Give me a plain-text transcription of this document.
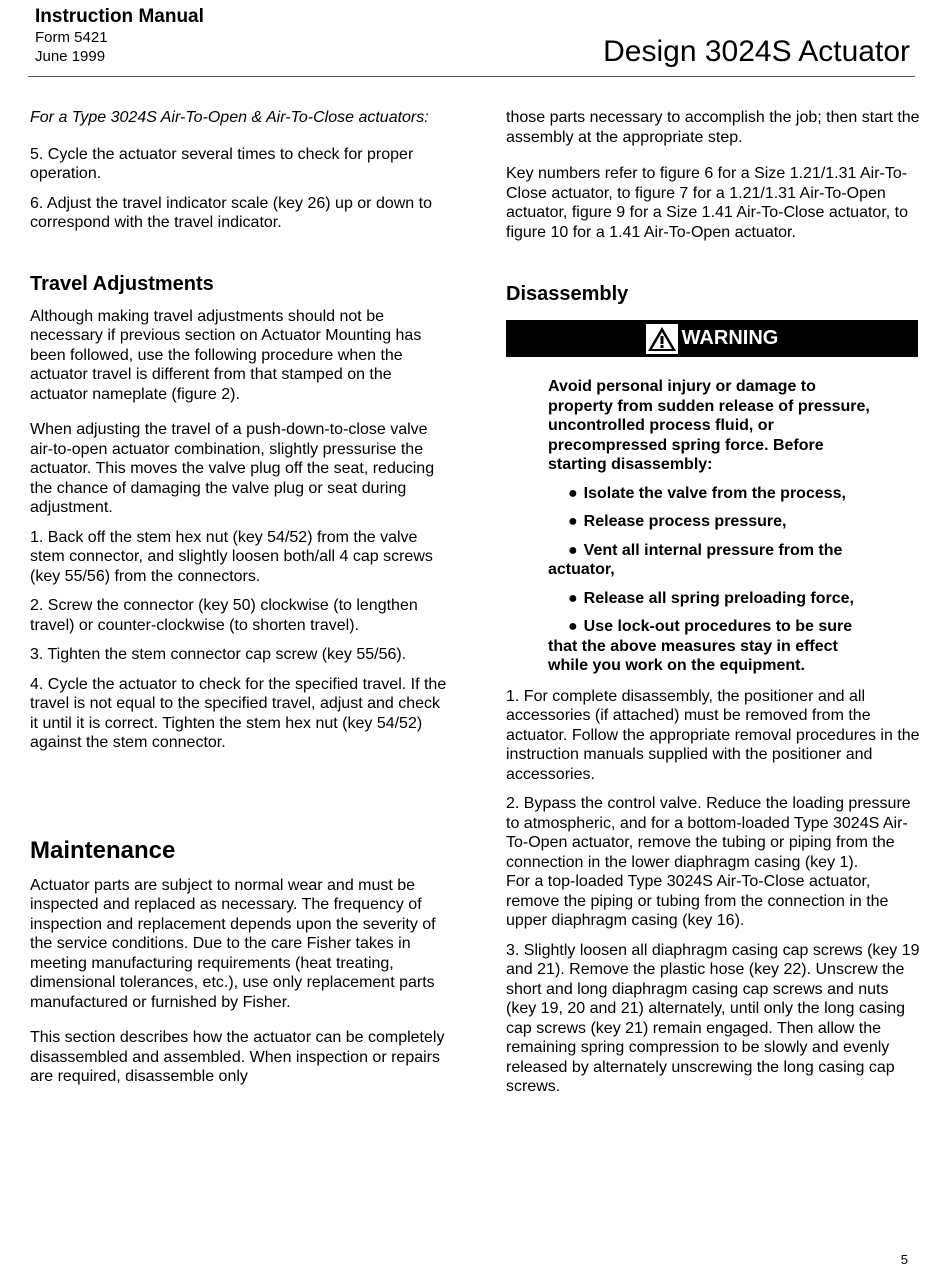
Instruction Manual
Form 5421
June 1999	Design 3024S Actuator

For a Type 3024S Air-To-Open & Air-To-Close actuators:

5. Cycle the actuator several times to check for proper operation.

6. Adjust the travel indicator scale (key 26) up or down to correspond with the travel indicator.

Travel Adjustments

Although making travel adjustments should not be necessary if previous section on Actuator Mounting has been followed, use the following procedure when the actuator travel is different from that stamped on the actuator nameplate (figure 2).

When adjusting the travel of a push-down-to-close valve air-to-open actuator combination, slightly pressurise the actuator. This moves the valve plug off the seat, reducing the chance of damaging the valve plug or seat during adjustment.

1. Back off the stem hex nut (key 54/52) from the valve stem connector, and slightly loosen both/all 4 cap screws (key 55/56) from the connectors.

2. Screw the connector (key 50) clockwise (to lengthen travel) or counter-clockwise (to shorten travel).

3. Tighten the stem connector cap screw (key 55/56).

4. Cycle the actuator to check for the specified travel. If the travel is not equal to the specified travel, adjust and check it until it is correct. Tighten the stem hex nut (key 54/52) against the stem connector.

Maintenance

Actuator parts are subject to normal wear and must be inspected and replaced as necessary. The frequency of inspection and replacement depends upon the severity of the service conditions. Due to the care Fisher takes in meeting manufacturing requirements (heat treating, dimensional tolerances, etc.), use only replacement parts manufactured or furnished by Fisher.

This section describes how the actuator can be completely disassembled and assembled. When inspection or repairs are required, disassemble only

those parts necessary to accomplish the job; then start the assembly at the appropriate step.

Key numbers refer to figure 6 for a Size 1.21/1.31 Air-To-Close actuator, to figure 7 for a 1.21/1.31 Air-To-Open actuator, figure 9 for a Size 1.41 Air-To-Close actuator, to figure 10 for a 1.41 Air-To-Open actuator.

Disassembly
WARNING

Avoid personal injury or damage to property from sudden release of pressure, uncontrolled process fluid, or precompressed spring force. Before starting disassembly:

● Isolate the valve from the process,

● Release process pressure,

● Vent all internal pressure from the actuator,

● Release all spring preloading force,

● Use lock-out procedures to be sure that the above measures stay in effect while you work on the equipment.

1. For complete disassembly, the positioner and all accessories (if attached) must be removed from the actuator. Follow the appropriate removal procedures in the instruction manuals supplied with the positioner and accessories.

2. Bypass the control valve. Reduce the loading pressure to atmospheric, and for a bottom-loaded Type 3024S Air-To-Open actuator, remove the tubing or piping from the connection in the lower diaphragm casing (key 1).

For a top-loaded Type 3024S Air-To-Close actuator, remove the piping or tubing from the connection in the upper diaphragm casing (key 16).

3. Slightly loosen all diaphragm casing cap screws (key 19 and 21). Remove the plastic hose (key 22). Unscrew the short and long diaphragm casing cap screws and nuts (key 19, 20 and 21) alternately, until only the long casing cap screws (key 21) remain engaged. Then allow the remaining spring compression to be slowly and evenly released by alternately unscrewing the long casing cap screws.

5
